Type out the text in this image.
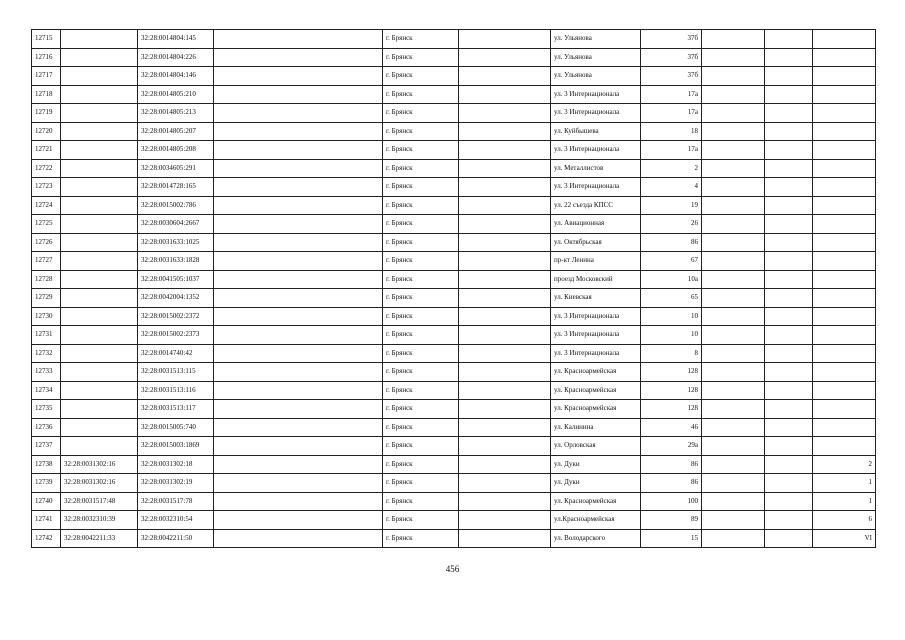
12715		32:28:0014804:145		г. Брянск		ул. Ульянова	37б			
12716		32:28:0014804:226		г. Брянск		ул. Ульянова	37б			
12717		32:28:0014804:146		г. Брянск		ул. Ульянова	37б			
12718		32:28:0014805:210		г. Брянск		ул. 3 Интернационала	17а			
12719		32:28:0014805:213		г. Брянск		ул. 3 Интернационала	17а			
12720		32:28:0014805:207		г. Брянск		ул. Куйбышева	18			
12721		32:28:0014805:208		г. Брянск		ул. 3 Интернационала	17а			
12722		32:28:0034605:291		г. Брянск		ул. Металлистов	2			
12723		32:28:0014728:165		г. Брянск		ул. 3 Интернационала	4			
12724		32:28:0015002:786		г. Брянск		ул. 22 съезда КПСС	19			
12725		32:28:0030604:2667		г. Брянск		ул. Авиационная	26			
12726		32:28:0031633:1025		г. Брянск		ул. Октябрьская	86			
12727		32:28:0031633:1828		г. Брянск		пр-кт Ленина	67			
12728		32:28:0041505:1037		г. Брянск		проезд Московский	10а			
12729		32:28:0042004:1352		г. Брянск		ул. Киевская	65			
12730		32:28:0015002:2372		г. Брянск		ул. 3 Интернационала	10			
12731		32:28:0015002:2373		г. Брянск		ул. 3 Интернационала	10			
12732		32:28:0014740:42		г. Брянск		ул. 3 Интернационала	8			
12733		32:28:0031513:115		г. Брянск		ул. Красноармейская	128			
12734		32:28:0031513:116		г. Брянск		ул. Красноармейская	128			
12735		32:28:0031513:117		г. Брянск		ул. Красноармейская	128			
12736		32:28:0015005:740		г. Брянск		ул. Калинина	46			
12737		32:28:0015003:1869		г. Брянск		ул. Орловская	29а			
12738	32:28:0031302:16	32:28:0031302:18		г. Брянск		ул. Дуки	86			2
12739	32:28:0031302:16	32:28:0031302:19		г. Брянск		ул. Дуки	86			1
12740	32:28:0031517:48	32:28:0031517:78		г. Брянск		ул. Красноармейская	100			1
12741	32:28:0032310:39	32:28:0032310:54		г. Брянск		ул.Красноармейская	89			6
12742	32:28:0042211:33	32:28:0042211:50		г. Брянск		ул. Володарского	15			VI
456
